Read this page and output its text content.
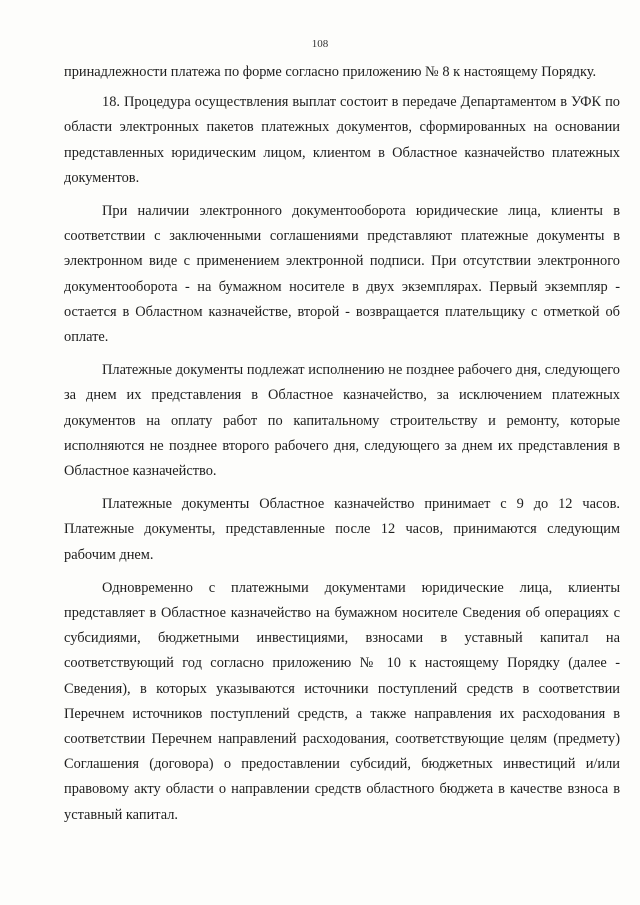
108

принадлежности платежа по форме согласно приложению № 8 к настоящему Порядку.

18. Процедура осуществления выплат состоит в передаче Департаментом в УФК по области электронных пакетов платежных документов, сформированных на основании представленных юридическим лицом, клиентом в Областное казначейство платежных документов.

При наличии электронного документооборота юридические лица, клиенты в соответствии с заключенными соглашениями представляют платежные документы в электронном виде с применением электронной подписи. При отсутствии электронного документооборота - на бумажном носителе в двух экземплярах. Первый экземпляр - остается в Областном казначействе, второй - возвращается плательщику с отметкой об оплате.

Платежные документы подлежат исполнению не позднее рабочего дня, следующего за днем их представления в Областное казначейство, за исключением платежных документов на оплату работ по капитальному строительству и ремонту, которые исполняются не позднее второго рабочего дня, следующего за днем их представления в Областное казначейство.

Платежные документы Областное казначейство принимает с 9 до 12 часов. Платежные документы, представленные после 12 часов, принимаются следующим рабочим днем.

Одновременно с платежными документами юридические лица, клиенты представляет в Областное казначейство на бумажном носителе Сведения об операциях с субсидиями, бюджетными инвестициями, взносами в уставный капитал на соответствующий год согласно приложению № 10 к настоящему Порядку (далее - Сведения), в которых указываются источники поступлений средств в соответствии Перечнем источников поступлений средств, а также направления их расходования в соответствии Перечнем направлений расходования, соответствующие целям (предмету) Соглашения (договора) о предоставлении субсидий, бюджетных инвестиций и/или правовому акту области о направлении средств областного бюджета в качестве взноса в уставный капитал.
